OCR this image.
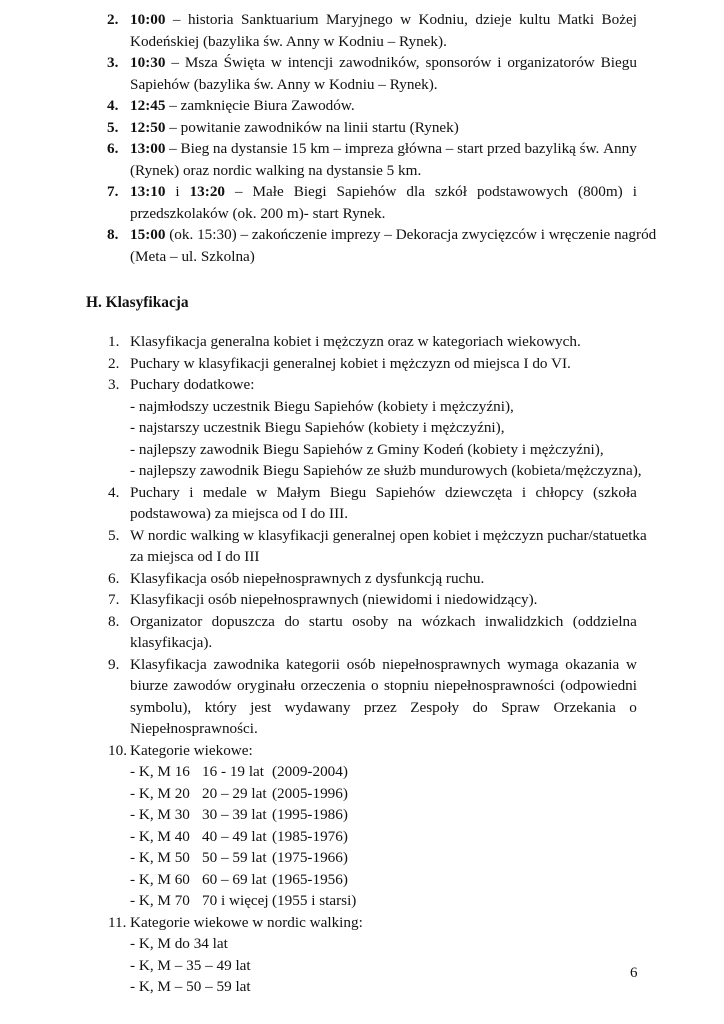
2. 10:00 – historia Sanktuarium Maryjnego w Kodniu, dzieje kultu Matki Bożej
Kodeńskiej (bazylika św. Anny w Kodniu – Rynek).
3. 10:30 – Msza Święta w intencji zawodników, sponsorów i organizatorów Biegu
Sapiehów (bazylika św. Anny w Kodniu – Rynek).
4. 12:45 – zamknięcie Biura Zawodów.
5. 12:50 – powitanie zawodników na linii startu (Rynek)
6. 13:00 – Bieg na dystansie 15 km – impreza główna – start przed bazyliką św. Anny
(Rynek) oraz nordic walking na dystansie 5 km.
7. 13:10 i 13:20 – Małe Biegi Sapiehów dla szkół podstawowych (800m) i
przedszkolaków (ok. 200 m)- start Rynek.
8. 15:00 (ok. 15:30) – zakończenie imprezy – Dekoracja zwycięzców i wręczenie nagród
(Meta – ul. Szkolna)
H. Klasyfikacja
1. Klasyfikacja generalna kobiet i mężczyzn oraz w kategoriach wiekowych.
2. Puchary w klasyfikacji generalnej kobiet i mężczyzn od miejsca I do VI.
3. Puchary dodatkowe:
- najmłodszy uczestnik Biegu Sapiehów (kobiety i mężczyźni),
- najstarszy uczestnik Biegu Sapiehów (kobiety i mężczyźni),
- najlepszy zawodnik Biegu Sapiehów z Gminy Kodeń (kobiety i mężczyźni),
- najlepszy zawodnik Biegu Sapiehów ze służb mundurowych (kobieta/mężczyzna),
4. Puchary i medale w Małym Biegu Sapiehów dziewczęta i chłopcy (szkoła
podstawowa) za miejsca od I do III.
5. W nordic walking w klasyfikacji generalnej open kobiet i mężczyzn puchar/statuetka
za miejsca od I do III
6. Klasyfikacja osób niepełnosprawnych z dysfunkcją ruchu.
7. Klasyfikacji osób niepełnosprawnych (niewidomi i niedowidzący).
8. Organizator dopuszcza do startu osoby na wózkach inwalidzkich (oddzielna
klasyfikacja).
9. Klasyfikacja zawodnika kategorii osób niepełnosprawnych wymaga okazania w
biurze zawodów oryginału orzeczenia o stopniu niepełnosprawności (odpowiedni
symbolu), który jest wydawany przez Zespoły do Spraw Orzekania o
Niepełnosprawności.
10. Kategorie wiekowe:
- K, M 16 16 - 19 lat (2009-2004)
- K, M 20 20 – 29 lat (2005-1996)
- K, M 30 30 – 39 lat (1995-1986)
- K, M 40 40 – 49 lat (1985-1976)
- K, M 50 50 – 59 lat (1975-1966)
- K, M 60 60 – 69 lat (1965-1956)
- K, M 70 70 i więcej (1955 i starsi)
11. Kategorie wiekowe w nordic walking:
- K, M do 34 lat
- K, M – 35 – 49 lat
- K, M – 50 – 59 lat
6
